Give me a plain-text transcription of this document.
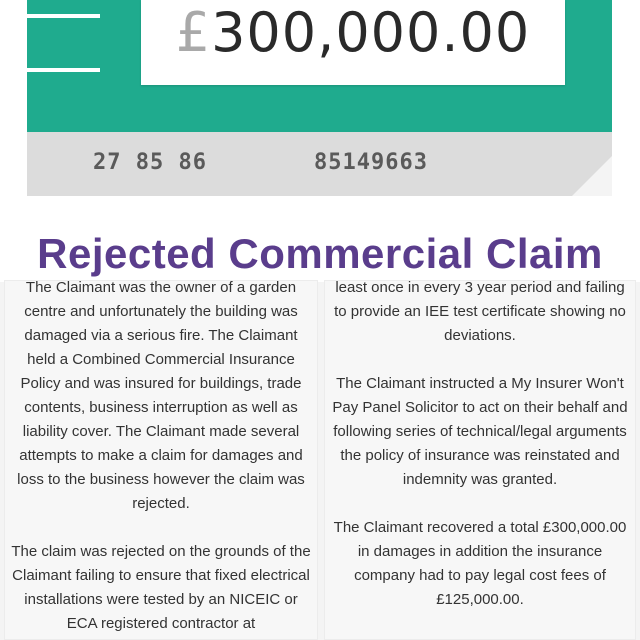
£ 300,000.00
27 85 86	85149663
Rejected Commercial Claim

The Claimant was the owner of a garden centre and unfortunately the building was damaged via a serious fire. The Claimant held a Combined Commercial Insurance Policy and was insured for buildings, trade contents, business interruption as well as liability cover. The Claimant made several attempts to make a claim for damages and loss to the business however the claim was rejected.

The claim was rejected on the grounds of the Claimant failing to ensure that fixed electrical installations were tested by an NICEIC or ECA registered contractor at

least once in every 3 year period and failing to provide an IEE test certificate showing no deviations.

The Claimant instructed a My Insurer Won't Pay Panel Solicitor to act on their behalf and following series of technical/legal arguments the policy of insurance was reinstated and indemnity was granted.

The Claimant recovered a total £300,000.00 in damages in addition the insurance company had to pay legal cost fees of £125,000.00.
